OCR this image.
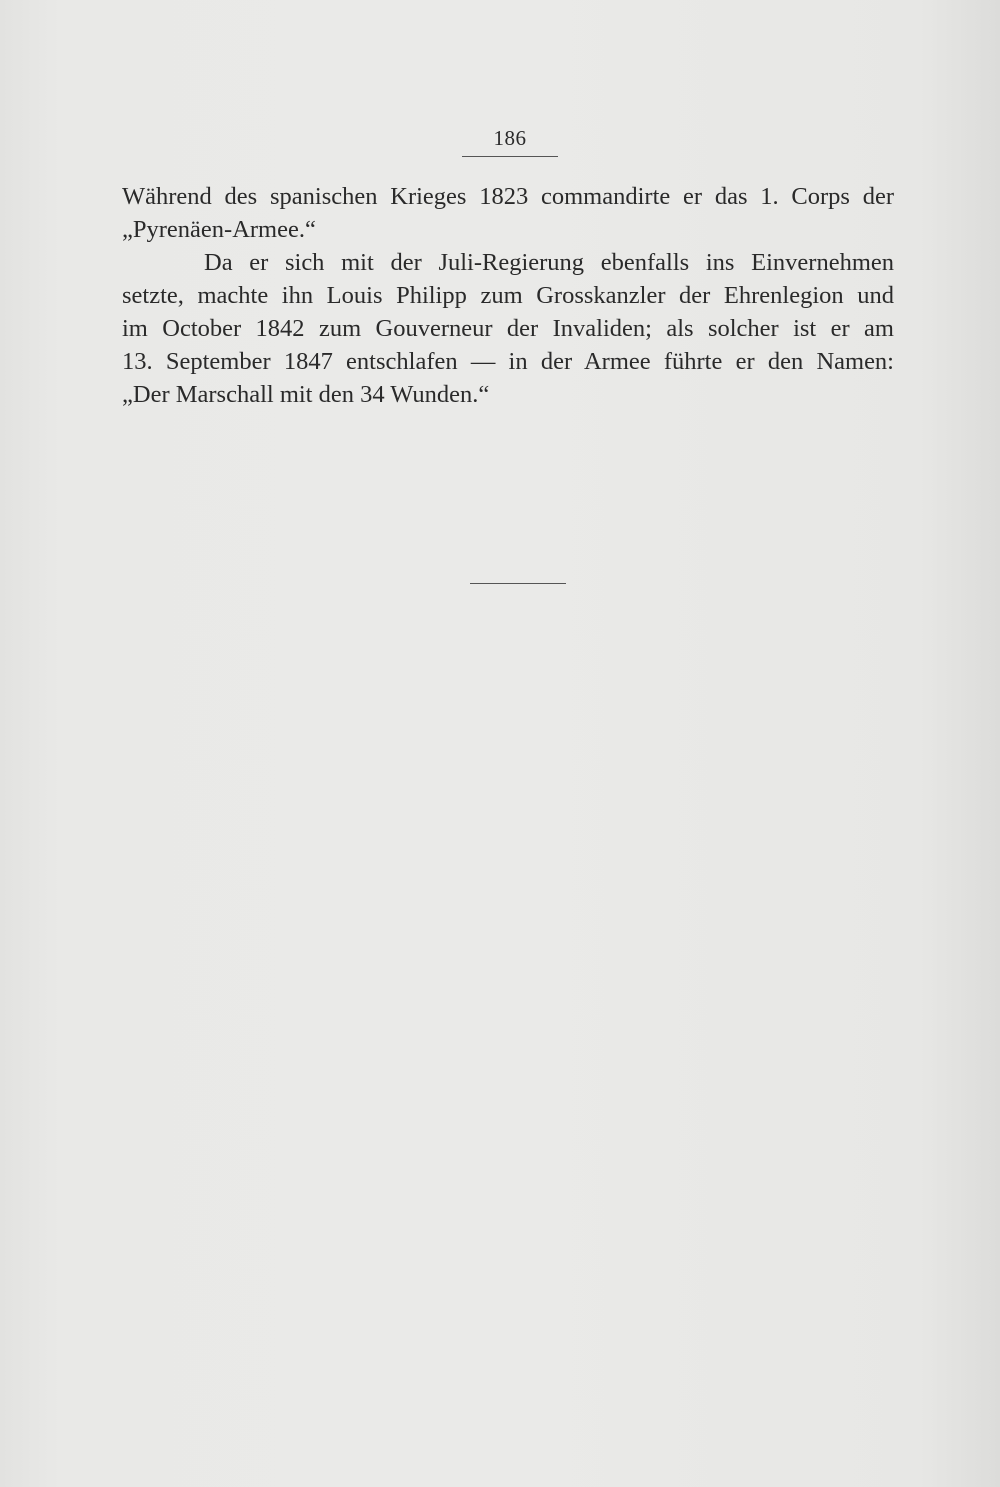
186
Während des spanischen Krieges 1823 commandirte er das 1. Corps der
„Pyrenäen-Armee.“
Da er sich mit der Juli-Regierung ebenfalls ins Einvernehmen
setzte, machte ihn Louis Philipp zum Grosskanzler der Ehrenlegion und
im October 1842 zum Gouverneur der Invaliden; als solcher ist er am
13. September 1847 entschlafen — in der Armee führte er den Namen:
„Der Marschall mit den 34 Wunden.“
